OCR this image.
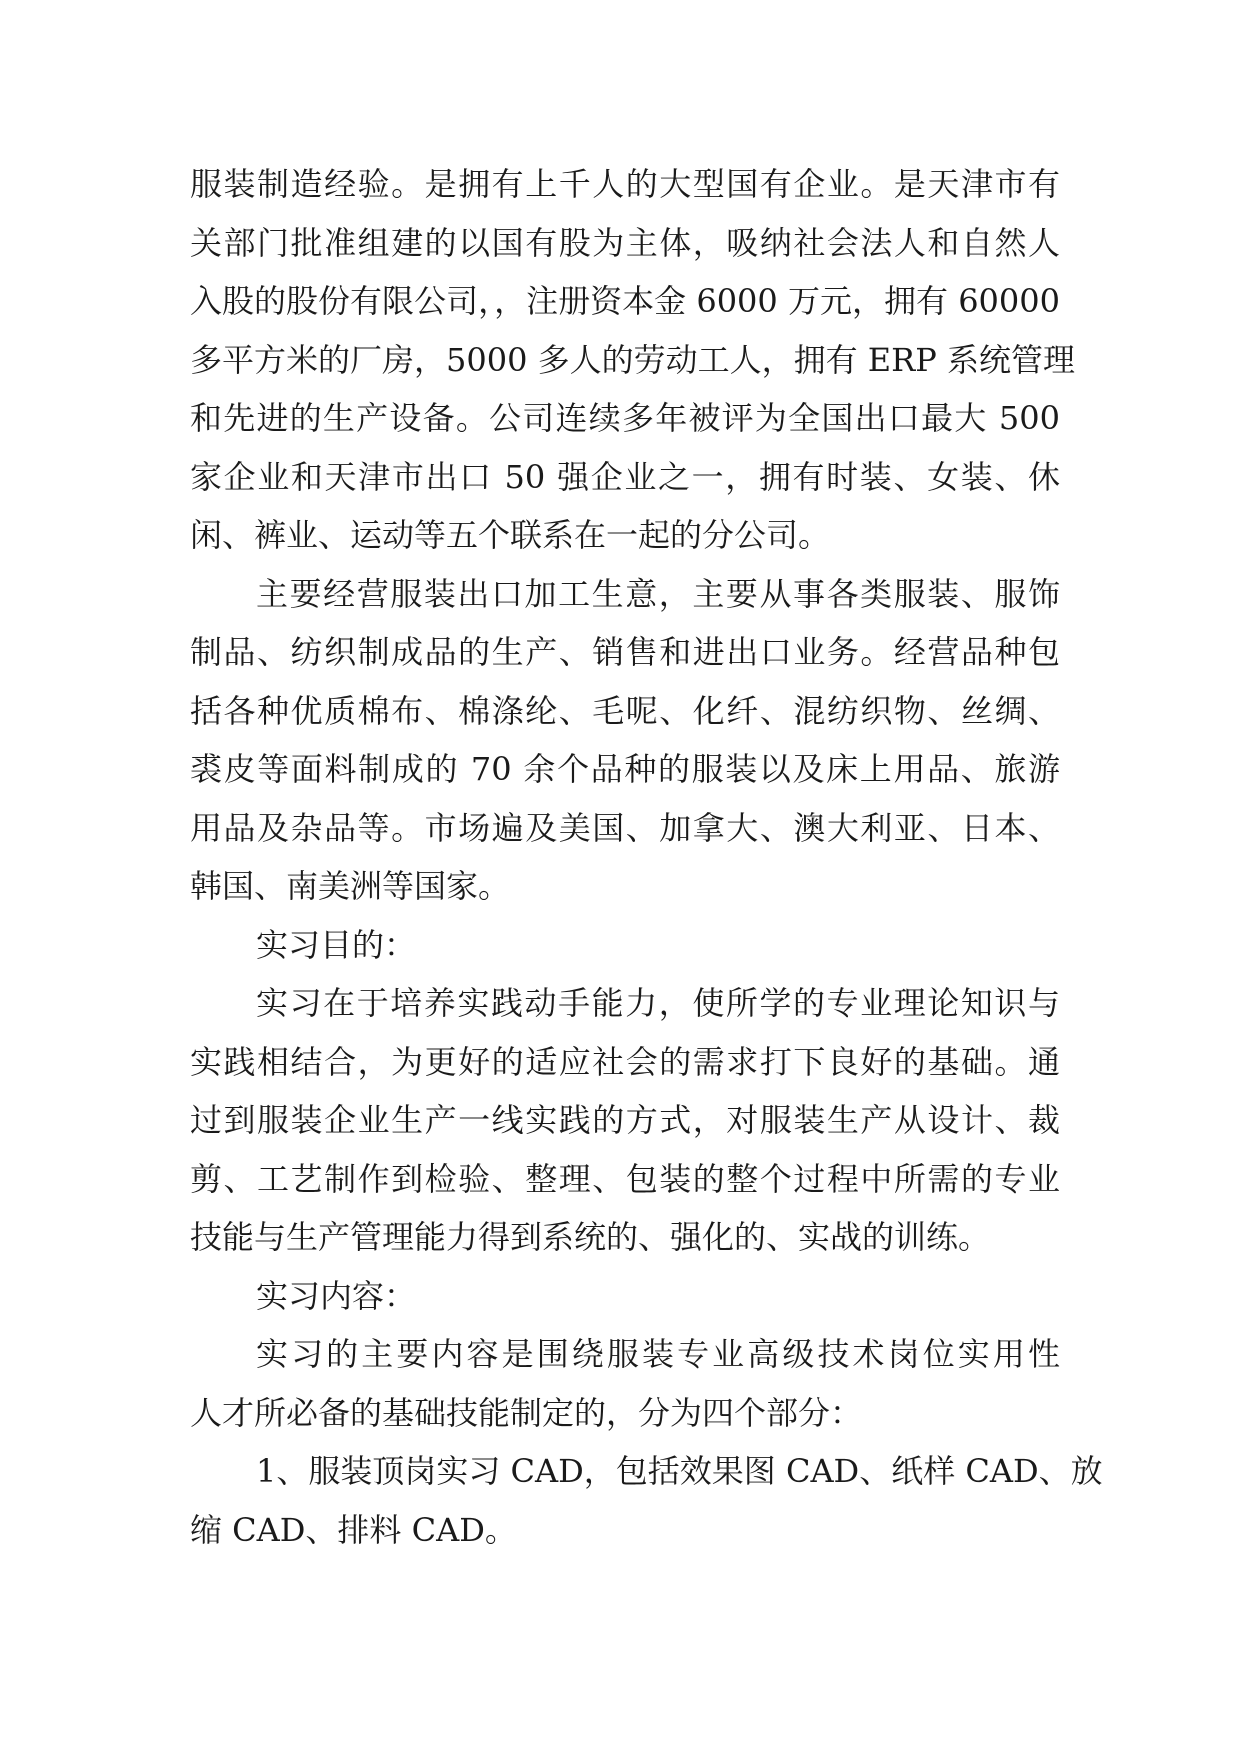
服装制造经验。是拥有上千人的大型国有企业。是天津市有
关部门批准组建的以国有股为主体，吸纳社会法人和自然人
入股的股份有限公司，，注册资本金 6000 万元，拥有 60000
多平方米的厂房，5000 多人的劳动工人，拥有 ERP 系统管理
和先进的生产设备。公司连续多年被评为全国出口最大 500
家企业和天津市出口 50 强企业之一，拥有时装、女装、休
闲、裤业、运动等五个联系在一起的分公司。
主要经营服装出口加工生意，主要从事各类服装、服饰
制品、纺织制成品的生产、销售和进出口业务。经营品种包
括各种优质棉布、棉涤纶、毛呢、化纤、混纺织物、丝绸、
裘皮等面料制成的 70 余个品种的服装以及床上用品、旅游
用品及杂品等。市场遍及美国、加拿大、澳大利亚、日本、
韩国、南美洲等国家。
实习目的：
实习在于培养实践动手能力，使所学的专业理论知识与
实践相结合，为更好的适应社会的需求打下良好的基础。通
过到服装企业生产一线实践的方式，对服装生产从设计、裁
剪、工艺制作到检验、整理、包装的整个过程中所需的专业
技能与生产管理能力得到系统的、强化的、实战的训练。
实习内容：
实习的主要内容是围绕服装专业高级技术岗位实用性
人才所必备的基础技能制定的，分为四个部分：
1、服装顶岗实习 CAD，包括效果图 CAD、纸样 CAD、放
缩 CAD、排料 CAD。
